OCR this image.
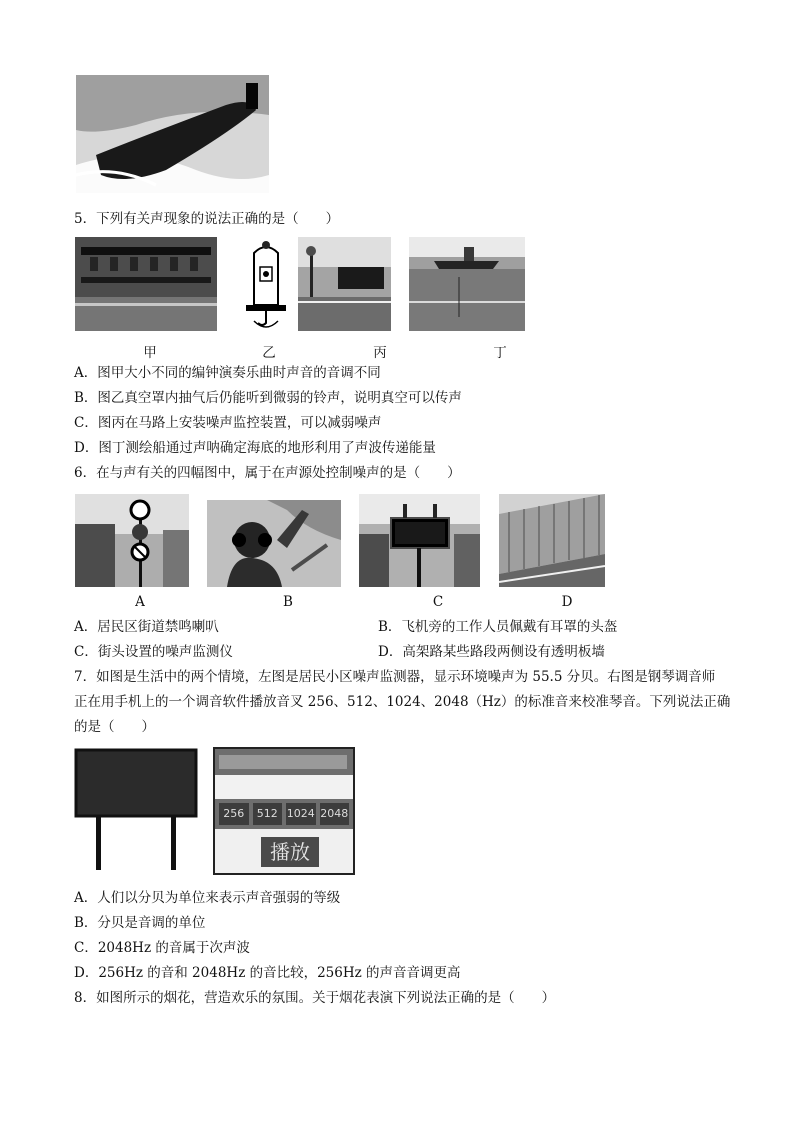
5．下列有关声现象的说法正确的是（　　）
甲	乙	丙	丁
A．图甲大小不同的编钟演奏乐曲时声音的音调不同
B．图乙真空罩内抽气后仍能听到微弱的铃声，说明真空可以传声
C．图丙在马路上安装噪声监控装置，可以减弱噪声
D．图丁测绘船通过声呐确定海底的地形利用了声波传递能量
6．在与声有关的四幅图中，属于在声源处控制噪声的是（　　）
A	B	C	D
A．居民区街道禁鸣喇叭	B．飞机旁的工作人员佩戴有耳罩的头盔
C．街头设置的噪声监测仪	D．高架路某些路段两侧设有透明板墙
7．如图是生活中的两个情境，左图是居民小区噪声监测器，显示环境噪声为 55.5 分贝。右图是钢琴调音师
正在用手机上的一个调音软件播放音叉 256、512、1024、2048（Hz）的标准音来校准琴音。下列说法正确
的是（　　）
256	512 1024 2048
播放
A．人们以分贝为单位来表示声音强弱的等级
B．分贝是音调的单位
C．2048Hz 的音属于次声波
D．256Hz 的音和 2048Hz 的音比较，256Hz 的声音音调更高
8．如图所示的烟花，营造欢乐的氛围。关于烟花表演下列说法正确的是（　　）
